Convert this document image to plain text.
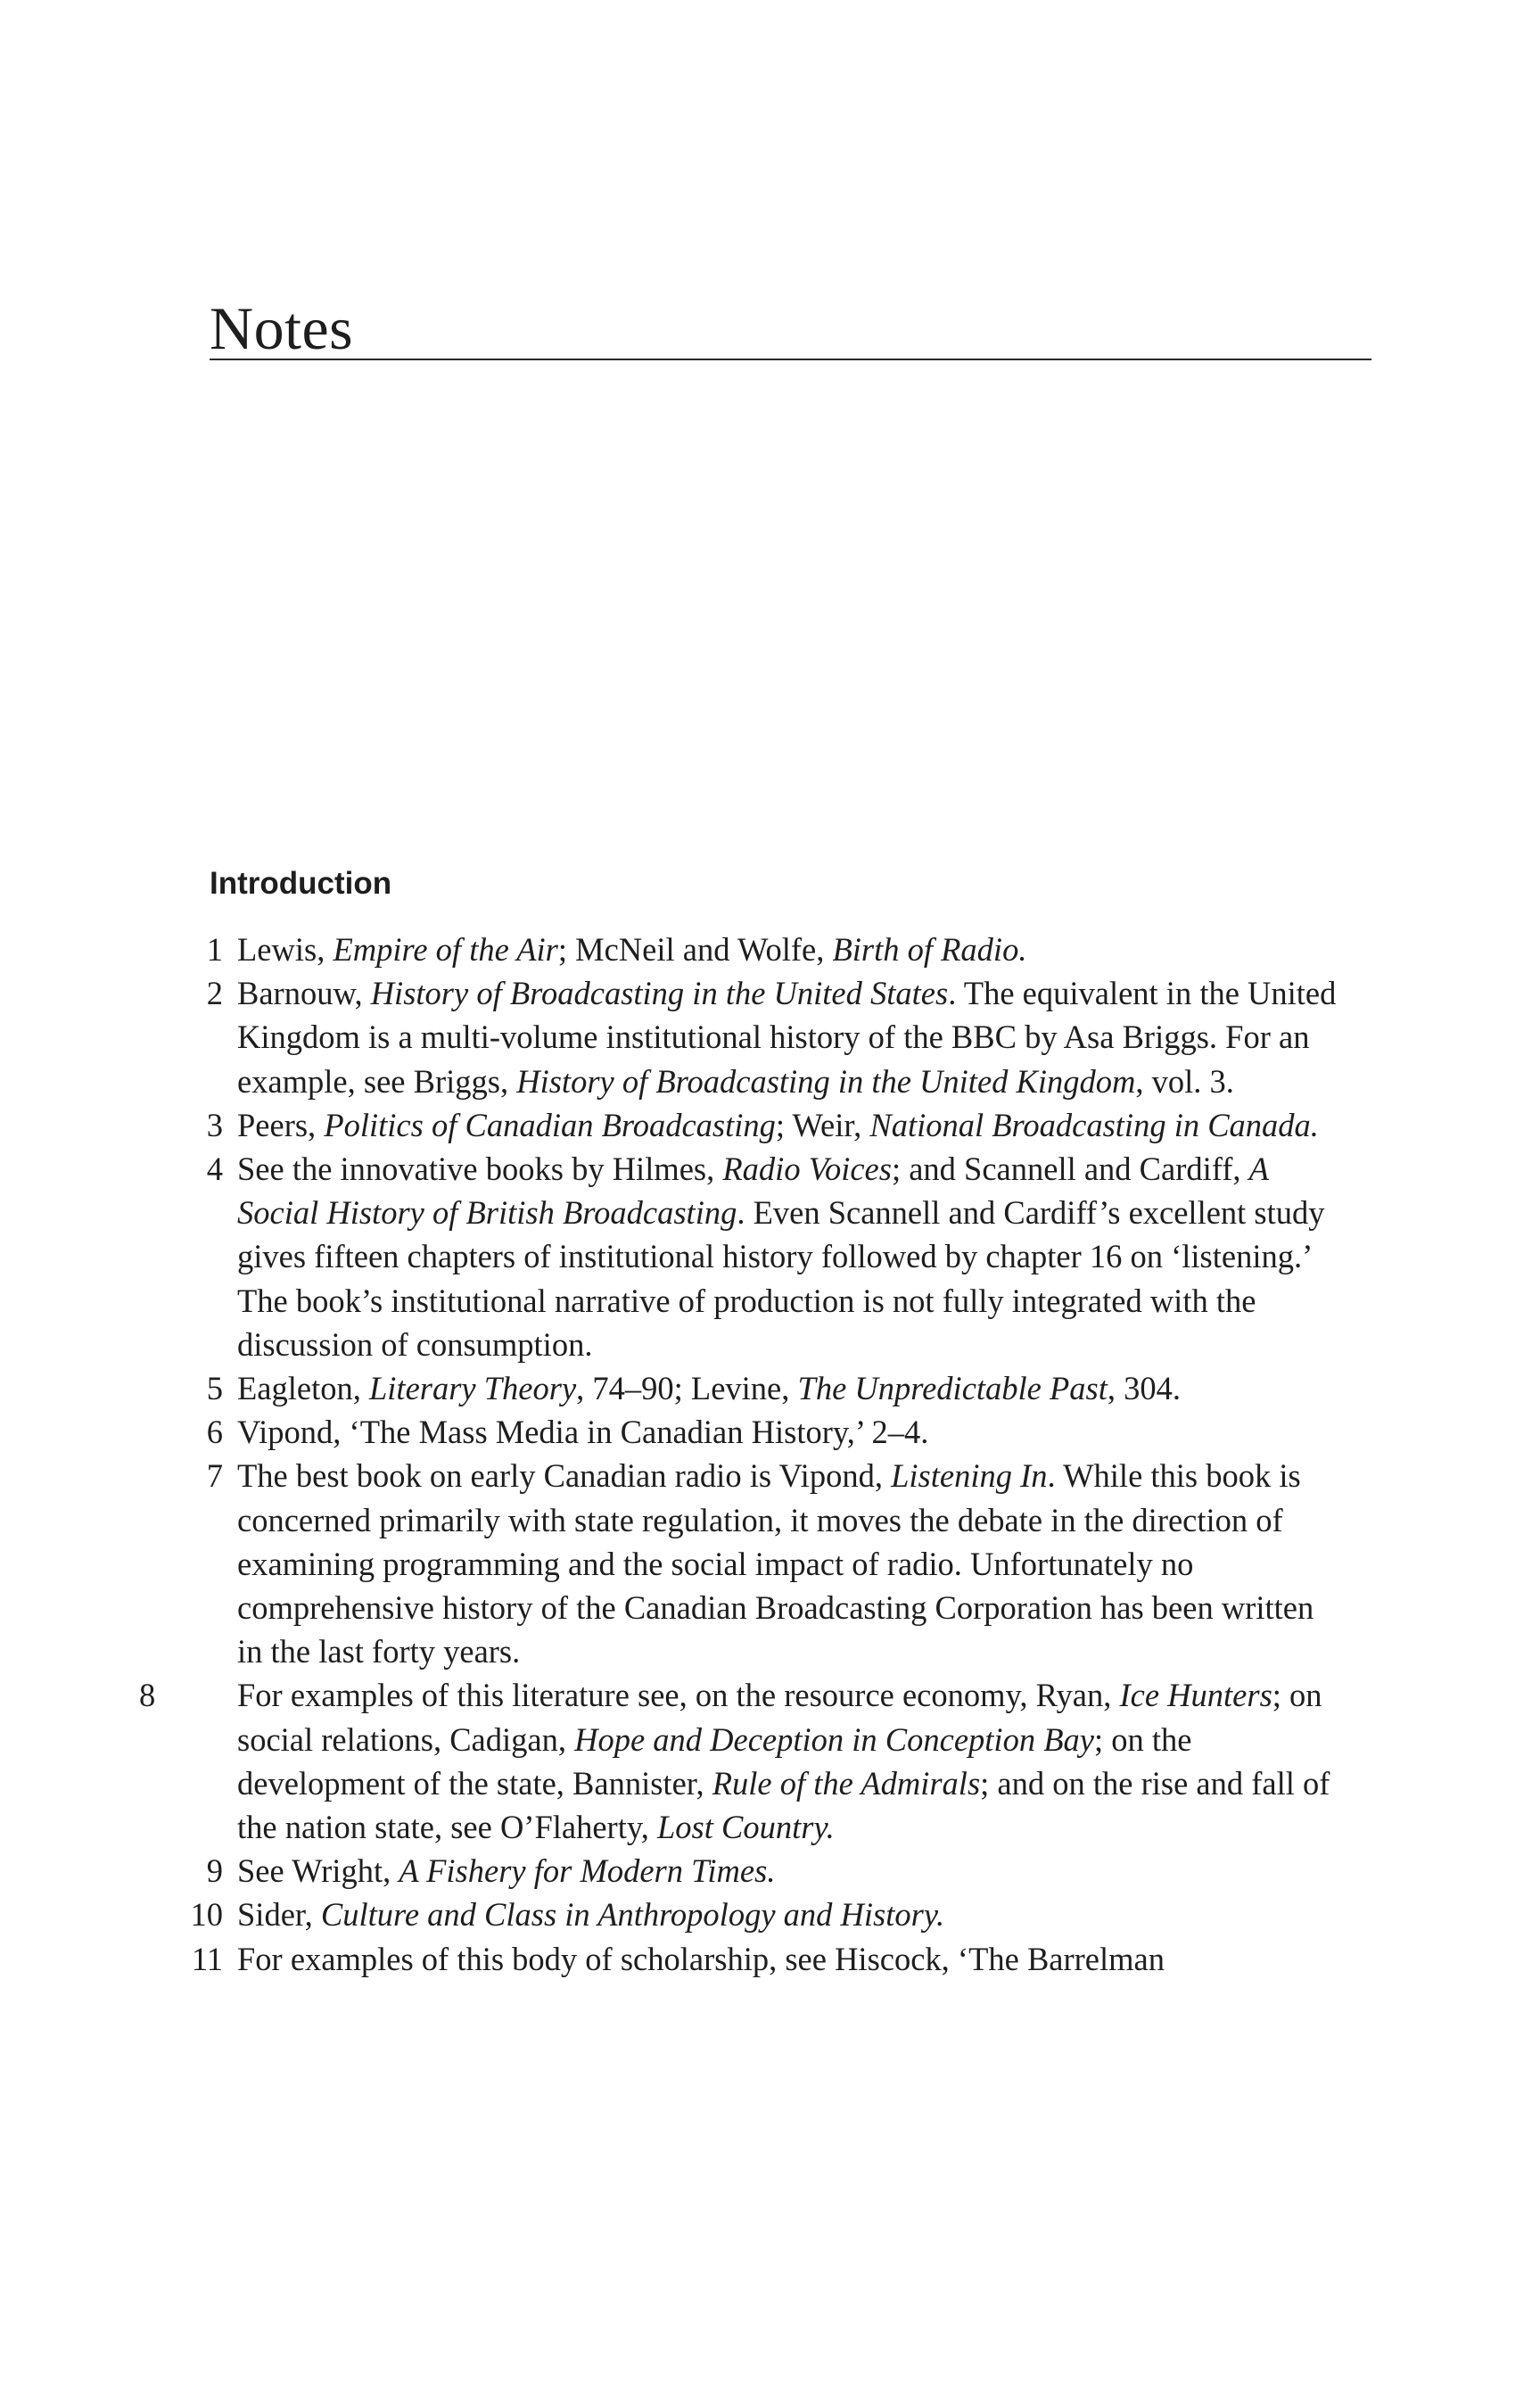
Notes
Introduction
1 Lewis, Empire of the Air; McNeil and Wolfe, Birth of Radio.
2 Barnouw, History of Broadcasting in the United States. The equivalent in the United Kingdom is a multi-volume institutional history of the BBC by Asa Briggs. For an example, see Briggs, History of Broadcasting in the United Kingdom, vol. 3.
3 Peers, Politics of Canadian Broadcasting; Weir, National Broadcasting in Canada.
4 See the innovative books by Hilmes, Radio Voices; and Scannell and Cardiff, A Social History of British Broadcasting. Even Scannell and Cardiff’s excellent study gives fifteen chapters of institutional history followed by chapter 16 on ‘listening.’ The book’s institutional narrative of production is not fully integrated with the discussion of consumption.
5 Eagleton, Literary Theory, 74–90; Levine, The Unpredictable Past, 304.
6 Vipond, ‘The Mass Media in Canadian History,’ 2–4.
7 The best book on early Canadian radio is Vipond, Listening In. While this book is concerned primarily with state regulation, it moves the debate in the direction of examining programming and the social impact of radio. Unfortunately no comprehensive history of the Canadian Broadcasting Corporation has been written in the last forty years.
8	For examples of this literature see, on the resource economy, Ryan, Ice Hunters; on social relations, Cadigan, Hope and Deception in Conception Bay; on the development of the state, Bannister, Rule of the Admirals; and on the rise and fall of the nation state, see O’Flaherty, Lost Country.
9 See Wright, A Fishery for Modern Times.
10 Sider, Culture and Class in Anthropology and History.
11 For examples of this body of scholarship, see Hiscock, ‘The Barrelman
